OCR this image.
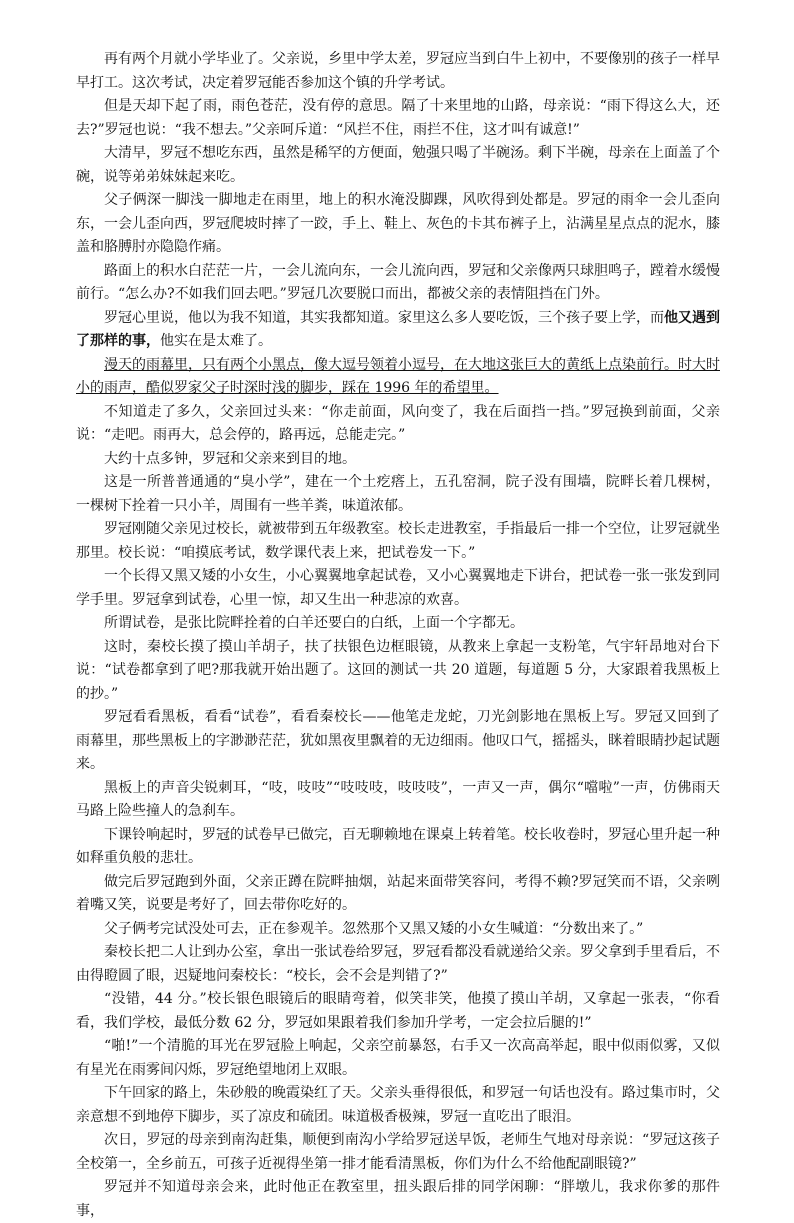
再有两个月就小学毕业了。父亲说，乡里中学太差，罗冠应当到白牛上初中，不要像别的孩子一样早早打工。这次考试，决定着罗冠能否参加这个镇的升学考试。

但是天却下起了雨，雨色苍茫，没有停的意思。隔了十来里地的山路，母亲说：“雨下得这么大，还去?”罗冠也说：“我不想去。”父亲呵斥道：“风拦不住，雨拦不住，这才叫有诚意!”

大清早，罗冠不想吃东西，虽然是稀罕的方便面，勉强只喝了半碗汤。剩下半碗，母亲在上面盖了个碗，说等弟弟妹妹起来吃。

父子俩深一脚浅一脚地走在雨里，地上的积水淹没脚踝，风吹得到处都是。罗冠的雨伞一会儿歪向东，一会儿歪向西，罗冠爬坡时摔了一跤，手上、鞋上、灰色的卡其布裤子上，沾满星星点点的泥水，膝盖和胳膊肘亦隐隐作痛。

路面上的积水白茫茫一片，一会儿流向东，一会儿流向西，罗冠和父亲像两只球胆鸣子，蹚着水缓慢前行。“怎么办?不如我们回去吧。”罗冠几次要脱口而出，都被父亲的表情阻挡在门外。

罗冠心里说，他以为我不知道，其实我都知道。家里这么多人要吃饭，三个孩子要上学，而他又遇到了那样的事，他实在是太难了。

漫天的雨幕里，只有两个小黑点，像大逗号领着小逗号，在大地这张巨大的黄纸上点染前行。时大时小的雨声，酷似罗家父子时深时浅的脚步，踩在 1996 年的希望里。

不知道走了多久，父亲回过头来：“你走前面，风向变了，我在后面挡一挡。”罗冠换到前面，父亲说：“走吧。雨再大，总会停的，路再远，总能走完。”

大约十点多钟，罗冠和父亲来到目的地。

这是一所普普通通的“臭小学”，建在一个土疙瘩上，五孔窑洞，院子没有围墙，院畔长着几棵树，一棵树下拴着一只小羊，周围有一些羊粪，味道浓郁。

罗冠刚随父亲见过校长，就被带到五年级教室。校长走进教室，手指最后一排一个空位，让罗冠就坐那里。校长说：“咱摸底考试，数学课代表上来，把试卷发一下。”

一个长得又黑又矮的小女生，小心翼翼地拿起试卷，又小心翼翼地走下讲台，把试卷一张一张发到同学手里。罗冠拿到试卷，心里一惊，却又生出一种悲凉的欢喜。

所谓试卷，是张比院畔拴着的白羊还要白的白纸，上面一个字都无。

这时，秦校长摸了摸山羊胡子，扶了扶银色边框眼镜，从教来上拿起一支粉笔，气宇轩昂地对台下说：“试卷都拿到了吧?那我就开始出题了。这回的测试一共 20 道题，每道题 5 分，大家跟着我黑板上的抄。”

罗冠看看黑板，看看“试卷”，看看秦校长——他笔走龙蛇，刀光剑影地在黑板上写。罗冠又回到了雨幕里，那些黑板上的字渺渺茫茫，犹如黑夜里飘着的无边细雨。他叹口气，摇摇头，眯着眼睛抄起试题来。

黑板上的声音尖锐刺耳，“吱，吱吱”“吱吱吱，吱吱吱”，一声又一声，偶尔“噹啦”一声，仿佛雨天马路上险些撞人的急刹车。

下课铃响起时，罗冠的试卷早已做完，百无聊赖地在课桌上转着笔。校长收卷时，罗冠心里升起一种如释重负般的悲壮。

做完后罗冠跑到外面，父亲正蹲在院畔抽烟，站起来面带笑容问，考得不赖?罗冠笑而不语，父亲咧着嘴又笑，说要是考好了，回去带你吃好的。

父子俩考完试没处可去，正在参观羊。忽然那个又黑又矮的小女生喊道：“分数出来了。”

秦校长把二人让到办公室，拿出一张试卷给罗冠，罗冠看都没看就递给父亲。罗父拿到手里看后，不由得瞪圆了眼，迟疑地问秦校长：“校长，会不会是判错了?”

“没错，44 分。”校长银色眼镜后的眼睛弯着，似笑非笑，他摸了摸山羊胡，又拿起一张表，“你看看，我们学校，最低分数 62 分，罗冠如果跟着我们参加升学考，一定会拉后腿的!”

“啪!”一个清脆的耳光在罗冠脸上响起，父亲空前暴怒，右手又一次高高举起，眼中似雨似雾，又似有星光在雨雾间闪烁，罗冠绝望地闭上双眼。

下午回家的路上，朱砂般的晚霞染红了天。父亲头垂得很低，和罗冠一句话也没有。路过集市时，父亲意想不到地停下脚步，买了凉皮和硫团。味道极香极辣，罗冠一直吃出了眼泪。

次日，罗冠的母亲到南沟赶集，顺便到南沟小学给罗冠送早饭，老师生气地对母亲说：“罗冠这孩子全校第一，全乡前五，可孩子近视得坐第一排才能看清黑板，你们为什么不给他配副眼镜?”

罗冠并不知道母亲会来，此时他正在教室里，扭头跟后排的同学闲聊：“胖墩儿，我求你爹的那件事，
